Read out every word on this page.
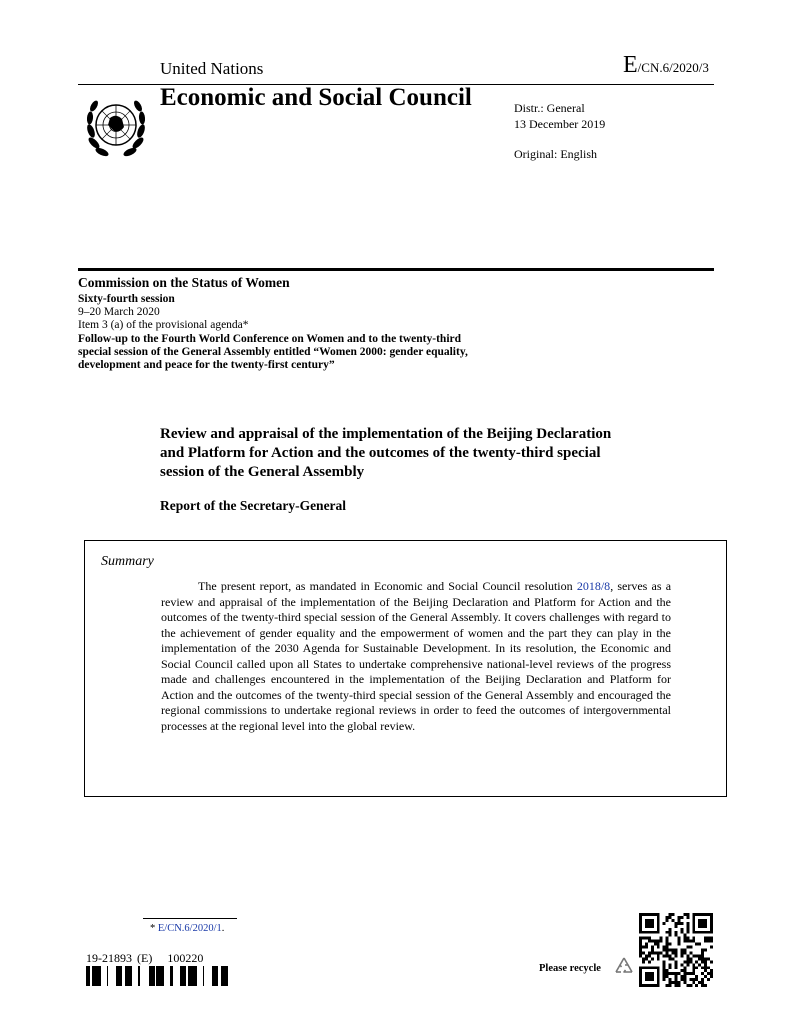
United Nations	E/CN.6/2020/3
Economic and Social Council	Distr.: General
13 December 2019
Original: English
Commission on the Status of Women
Sixty-fourth session
9–20 March 2020
Item 3 (a) of the provisional agenda*
Follow-up to the Fourth World Conference on Women and to the twenty-third special session of the General Assembly entitled “Women 2000: gender equality, development and peace for the twenty-first century”
Review and appraisal of the implementation of the Beijing Declaration and Platform for Action and the outcomes of the twenty-third special session of the General Assembly
Report of the Secretary-General
Summary

The present report, as mandated in Economic and Social Council resolution 2018/8, serves as a review and appraisal of the implementation of the Beijing Declaration and Platform for Action and the outcomes of the twenty-third special session of the General Assembly. It covers challenges with regard to the achievement of gender equality and the empowerment of women and the part they can play in the implementation of the 2030 Agenda for Sustainable Development. In its resolution, the Economic and Social Council called upon all States to undertake comprehensive national-level reviews of the progress made and challenges encountered in the implementation of the Beijing Declaration and Platform for Action and the outcomes of the twenty-third special session of the General Assembly and encouraged the regional commissions to undertake regional reviews in order to feed the outcomes of intergovernmental processes at the regional level into the global review.

* E/CN.6/2020/1.
19-21893 (E) 100220
Please recycle
